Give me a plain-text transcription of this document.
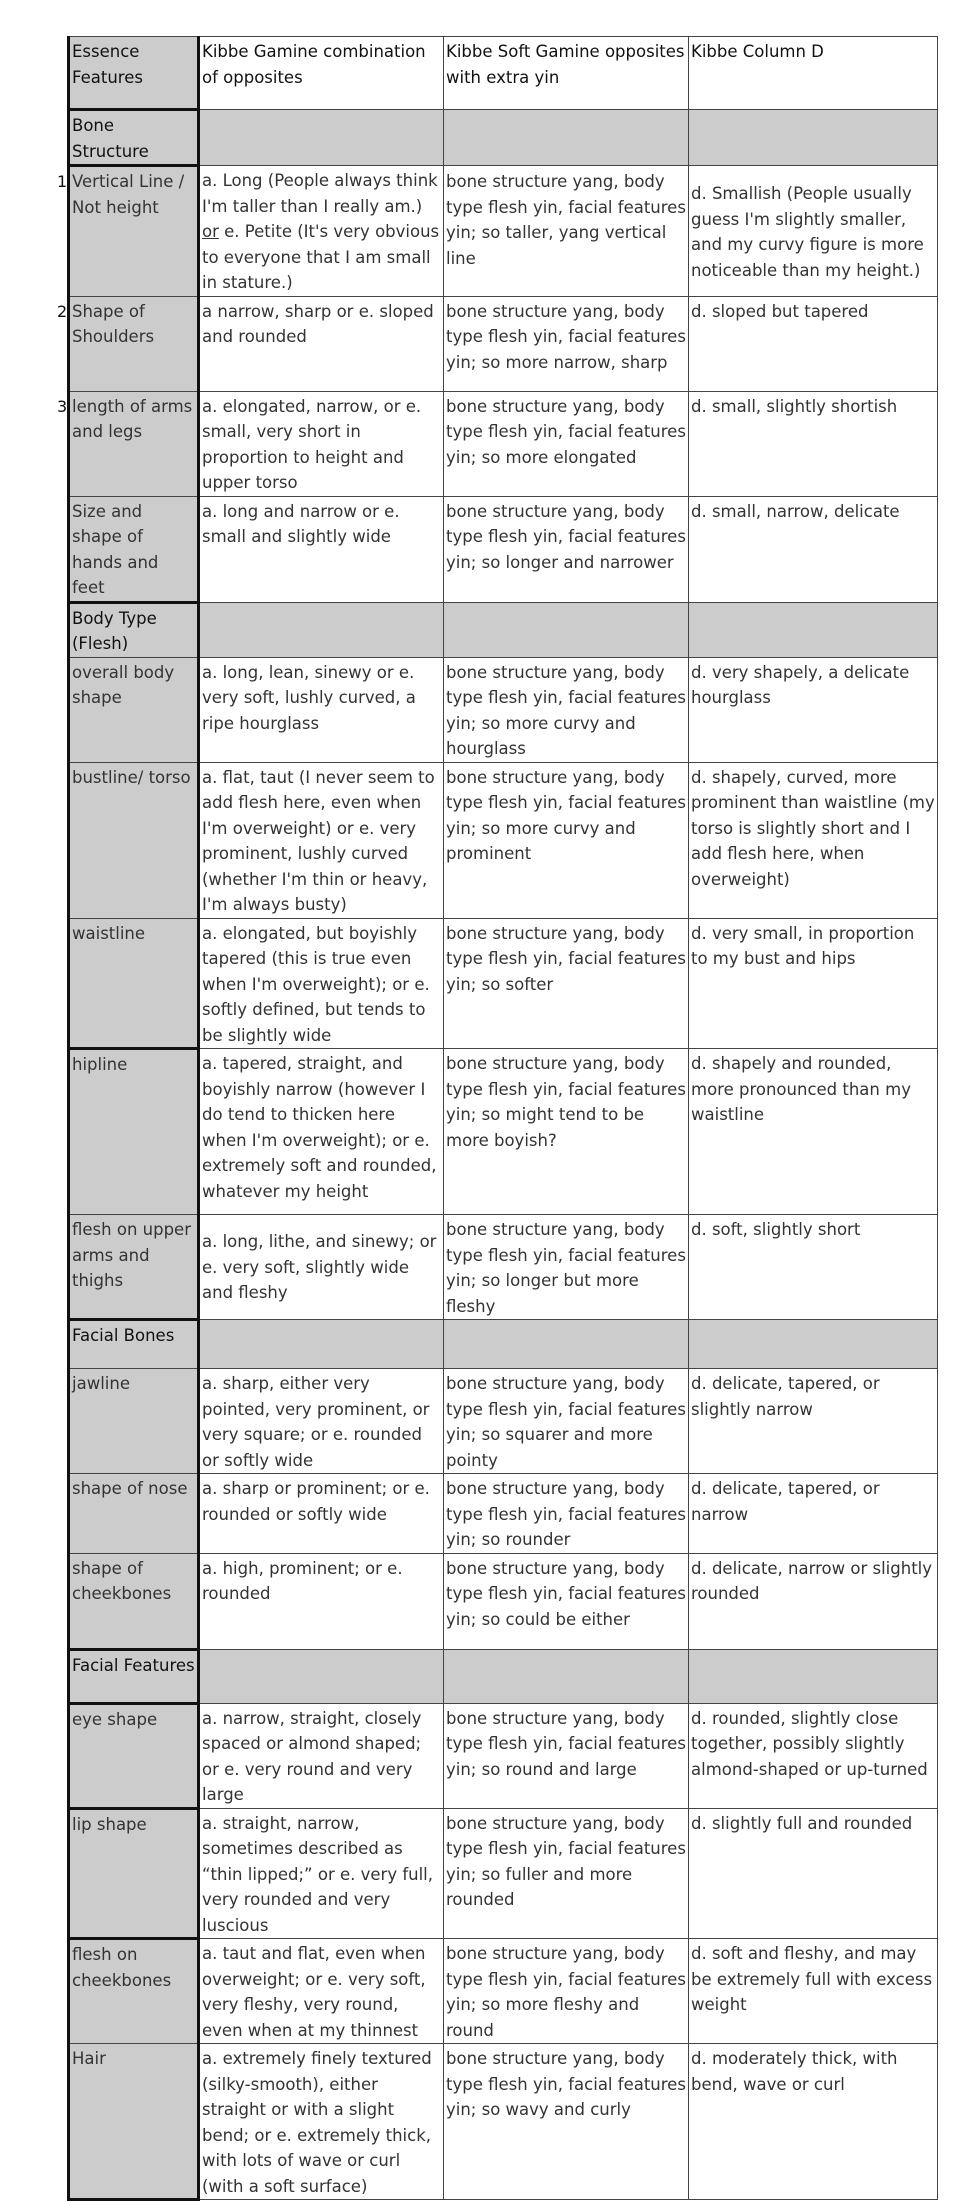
Essence Features	Kibbe Gamine combination of opposites	Kibbe Soft Gamine opposites with extra yin	Kibbe Column D
Bone Structure			

1 Vertical Line / Not height	a. Long (People always think I'm taller than I really am.) or e. Petite (It's very obvious to everyone that I am small in stature.)	bone structure yang, body type flesh yin, facial features yin; so taller, yang vertical line	d. Smallish (People usually guess I'm slightly smaller, and my curvy figure is more noticeable than my height.)

2 Shape of Shoulders	a narrow, sharp or e. sloped and rounded	bone structure yang, body type flesh yin, facial features yin; so more narrow, sharp	d. sloped but tapered

3 length of arms and legs	a. elongated, narrow, or e. small, very short in proportion to height and upper torso	bone structure yang, body type flesh yin, facial features yin; so more elongated	d. small, slightly shortish
Size and shape of hands and feet	a. long and narrow or e. small and slightly wide	bone structure yang, body type flesh yin, facial features yin; so longer and narrower	d. small, narrow, delicate
Body Type (Flesh)			
overall body shape	a. long, lean, sinewy or e. very soft, lushly curved, a ripe hourglass	bone structure yang, body type flesh yin, facial features yin; so more curvy and hourglass	d. very shapely, a delicate hourglass
bustline/ torso	a. flat, taut (I never seem to add flesh here, even when I'm overweight) or e. very prominent, lushly curved (whether I'm thin or heavy, I'm always busty)	bone structure yang, body type flesh yin, facial features yin; so more curvy and prominent	d. shapely, curved, more prominent than waistline (my torso is slightly short and I add flesh here, when overweight)
waistline	a. elongated, but boyishly tapered (this is true even when I'm overweight); or e. softly defined, but tends to be slightly wide	bone structure yang, body type flesh yin, facial features yin; so softer	d. very small, in proportion to my bust and hips
hipline	a. tapered, straight, and boyishly narrow (however I do tend to thicken here when I'm overweight); or e. extremely soft and rounded, whatever my height	bone structure yang, body type flesh yin, facial features yin; so might tend to be more boyish?	d. shapely and rounded, more pronounced than my waistline
flesh on upper arms and thighs	a. long, lithe, and sinewy; or e. very soft, slightly wide and fleshy	bone structure yang, body type flesh yin, facial features yin; so longer but more fleshy	d. soft, slightly short
Facial Bones			
jawline	a. sharp, either very pointed, very prominent, or very square; or e. rounded or softly wide	bone structure yang, body type flesh yin, facial features yin; so squarer and more pointy	d. delicate, tapered, or slightly narrow
shape of nose	a. sharp or prominent; or e. rounded or softly wide	bone structure yang, body type flesh yin, facial features yin; so rounder	d. delicate, tapered, or narrow
shape of cheekbones	a. high, prominent; or e. rounded	bone structure yang, body type flesh yin, facial features yin; so could be either	d. delicate, narrow or slightly rounded
Facial Features			
eye shape	a. narrow, straight, closely spaced or almond shaped; or e. very round and very large	bone structure yang, body type flesh yin, facial features yin; so round and large	d. rounded, slightly close together, possibly slightly almond-shaped or up-turned
lip shape	a. straight, narrow, sometimes described as “thin lipped;” or e. very full, very rounded and very luscious	bone structure yang, body type flesh yin, facial features yin; so fuller and more rounded	d. slightly full and rounded
flesh on cheekbones	a. taut and flat, even when overweight; or e. very soft, very fleshy, very round, even when at my thinnest	bone structure yang, body type flesh yin, facial features yin; so more fleshy and round	d. soft and fleshy, and may be extremely full with excess weight
Hair	a. extremely finely textured (silky-smooth), either straight or with a slight bend; or e. extremely thick, with lots of wave or curl (with a soft surface)	bone structure yang, body type flesh yin, facial features yin; so wavy and curly	d. moderately thick, with bend, wave or curl
